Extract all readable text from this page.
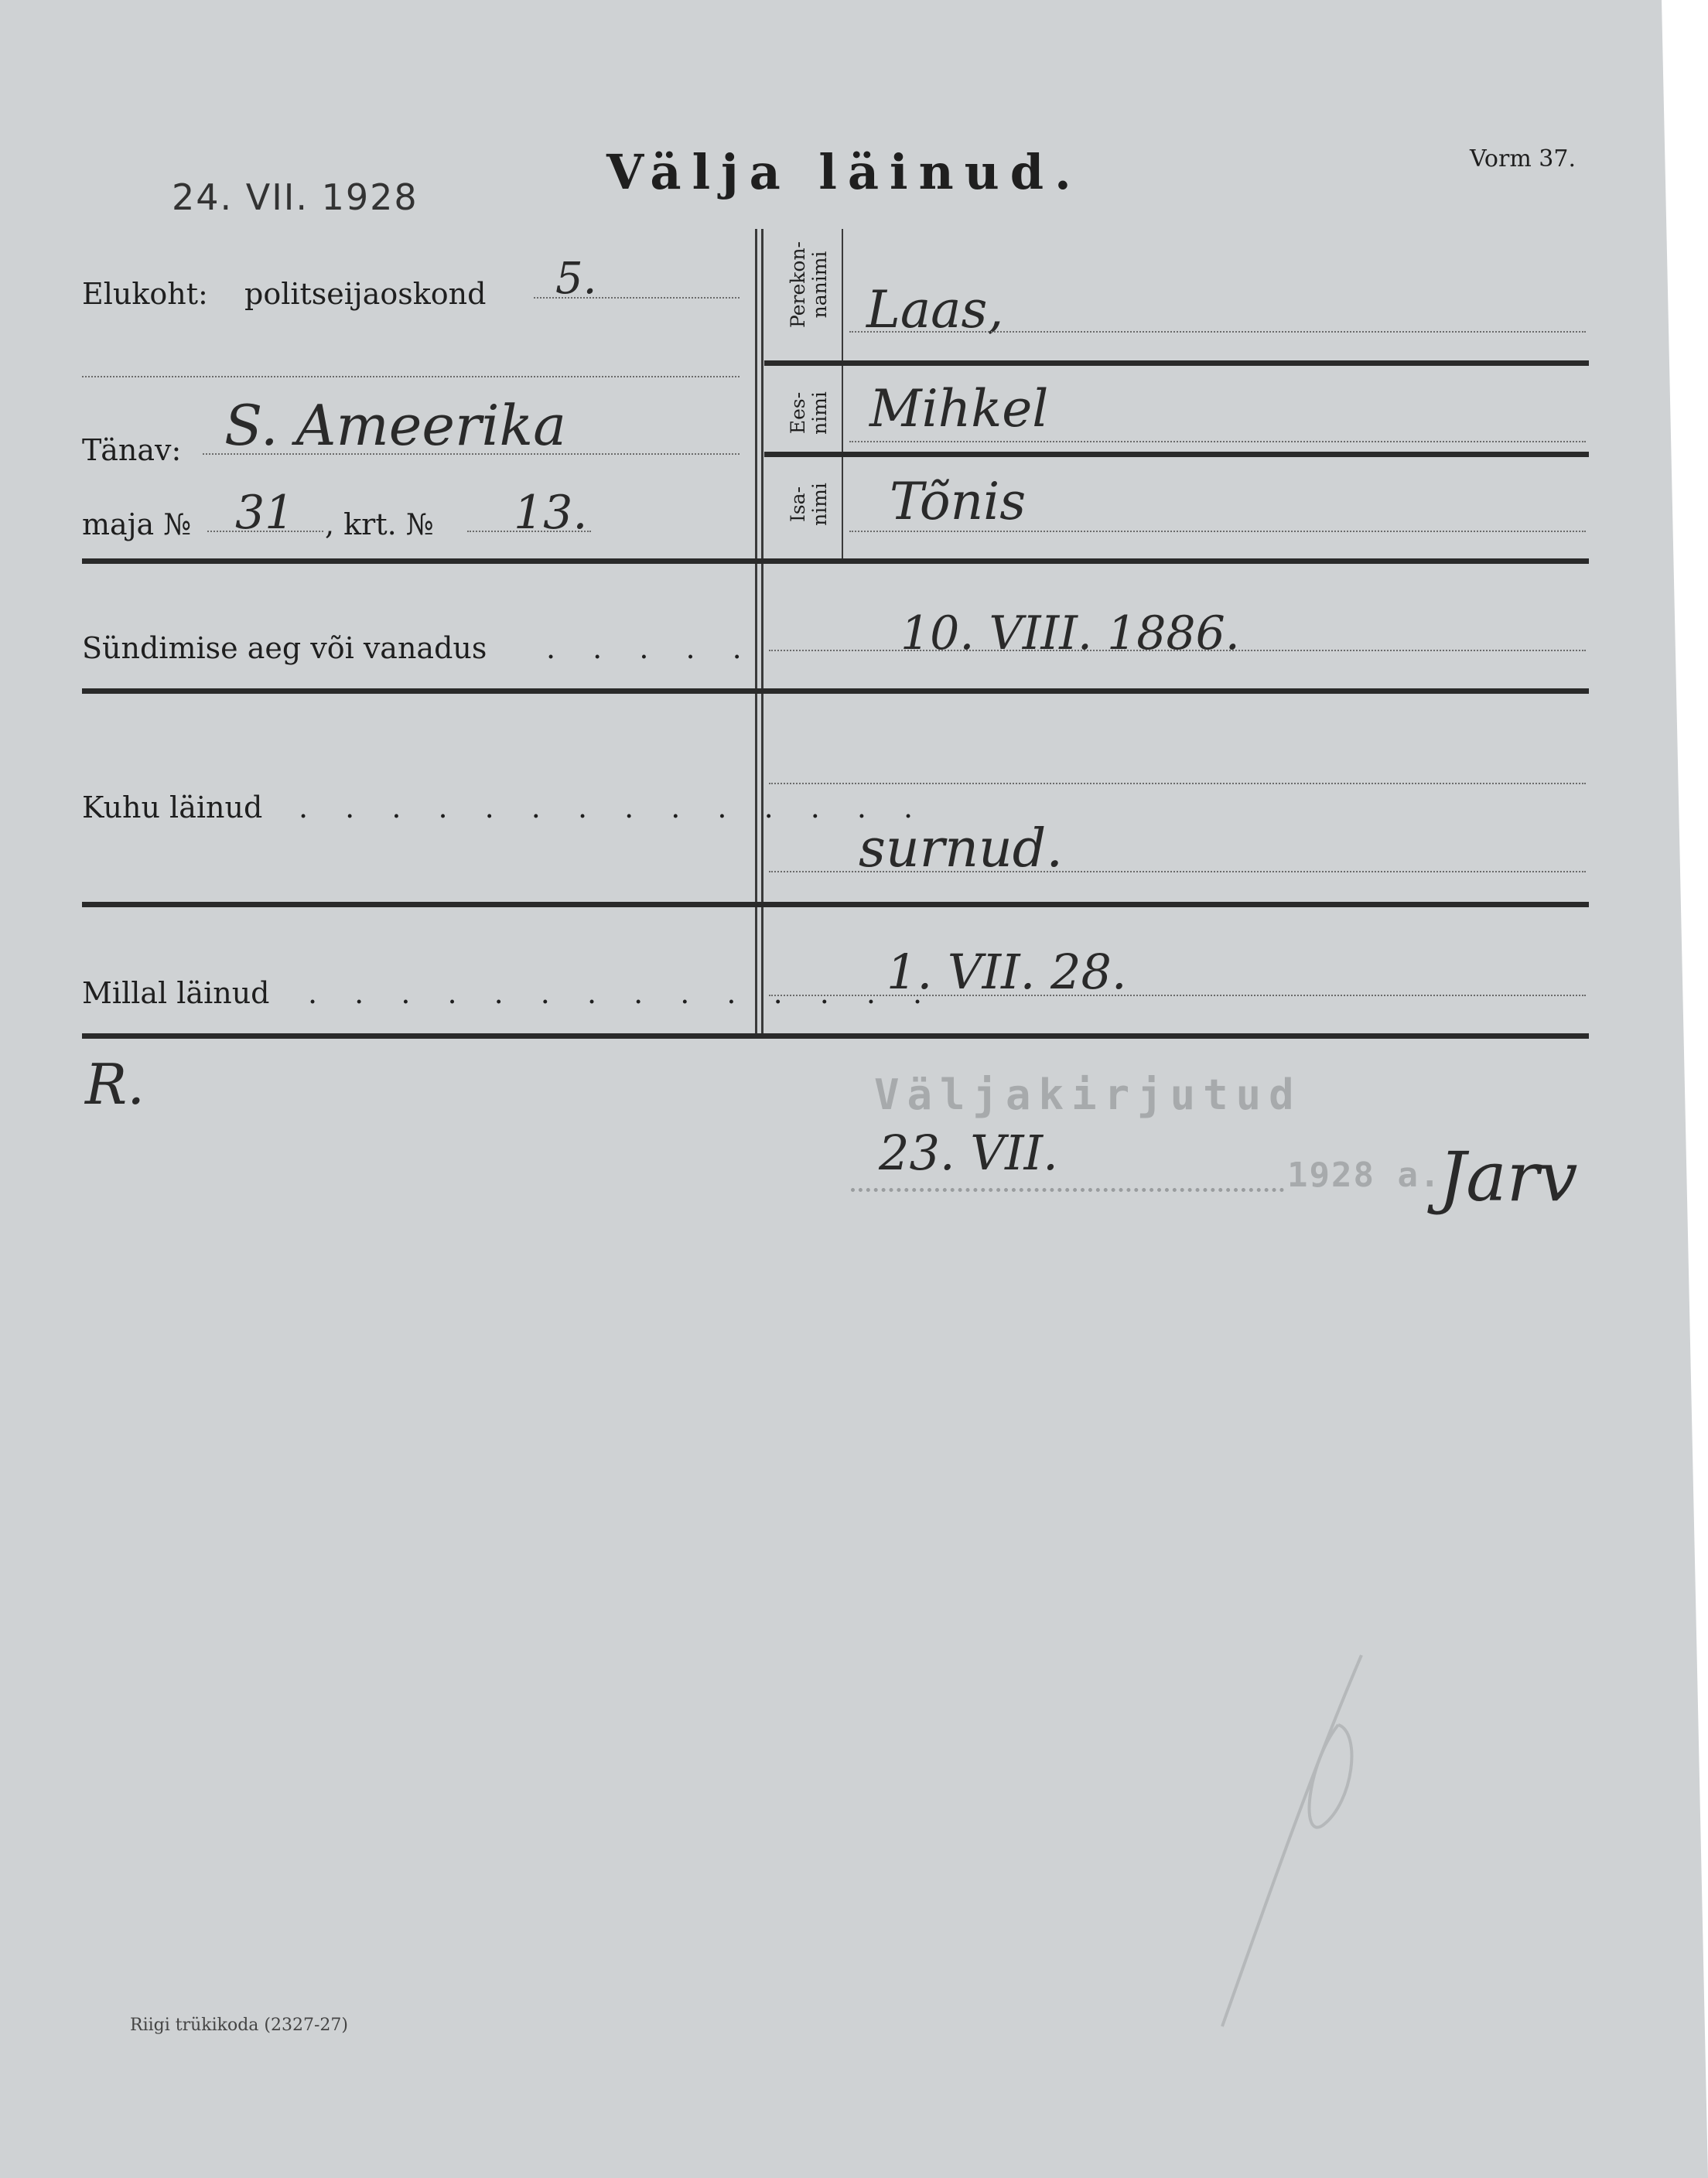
24. VII. 1928	Välja läinud.	Vorm 37.
Elukoht: politseijaoskond 5.
Tänav: S. Ameerika
maja № 31 , krt. № 13.
Perekon-
nanimi Laas,
Ees-
nimi Mihkel
Isa-
nimi Tõnis
Sündimise aeg või vanadus . . . . .	10. VIII. 1886.
Kuhu läinud . . . . . . . . . . . . . .
surnud.
Millal läinud . . . . . . . . . . . . . .
1. VII. 28.
R.	Väljakirjutud
23. VII.	1928 a.
Jarv
Riigi trükikoda (2327-27)
